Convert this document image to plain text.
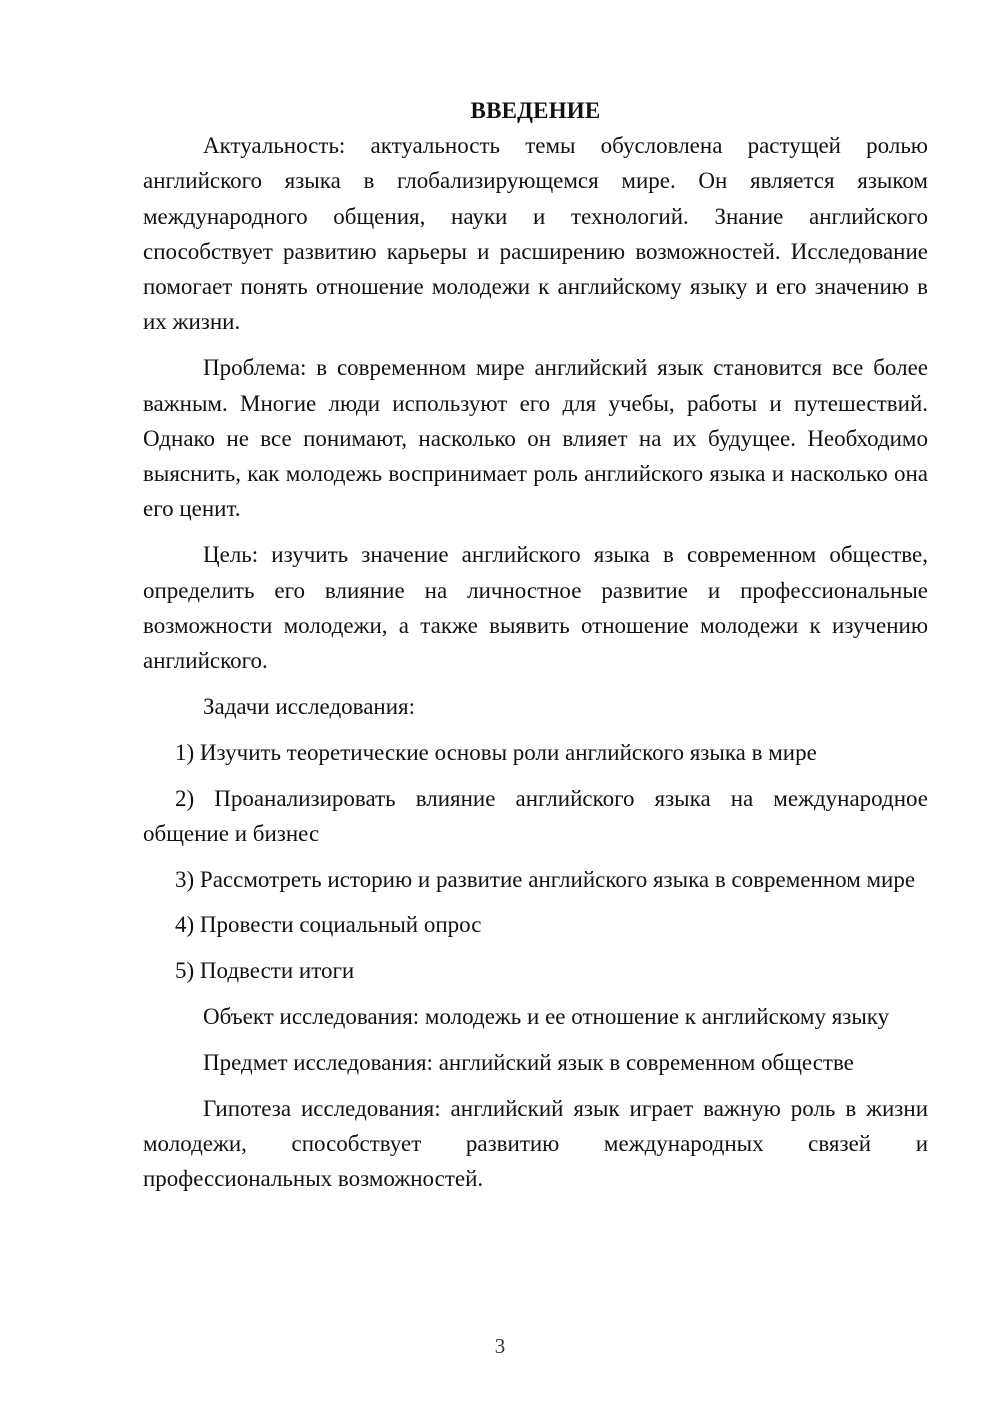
ВВЕДЕНИЕ

Актуальность: актуальность темы обусловлена растущей ролью английского языка в глобализирующемся мире. Он является языком международного общения, науки и технологий. Знание английского способствует развитию карьеры и расширению возможностей. Исследование помогает понять отношение молодежи к английскому языку и его значению в их жизни.

Проблема: в современном мире английский язык становится все более важным. Многие люди используют его для учебы, работы и путешествий. Однако не все понимают, насколько он влияет на их будущее. Необходимо выяснить, как молодежь воспринимает роль английского языка и насколько она его ценит.

Цель: изучить значение английского языка в современном обществе, определить его влияние на личностное развитие и профессиональные возможности молодежи, а также выявить отношение молодежи к изучению английского.

Задачи исследования:

1) Изучить теоретические основы роли английского языка в мире

2) Проанализировать влияние английского языка на международное общение и бизнес

3) Рассмотреть историю и развитие английского языка в современном мире

4) Провести социальный опрос

5) Подвести итоги

Объект исследования: молодежь и ее отношение к английскому языку

Предмет исследования: английский язык в современном обществе

Гипотеза исследования: английский язык играет важную роль в жизни молодежи, способствует развитию международных связей и профессиональных возможностей.

3
